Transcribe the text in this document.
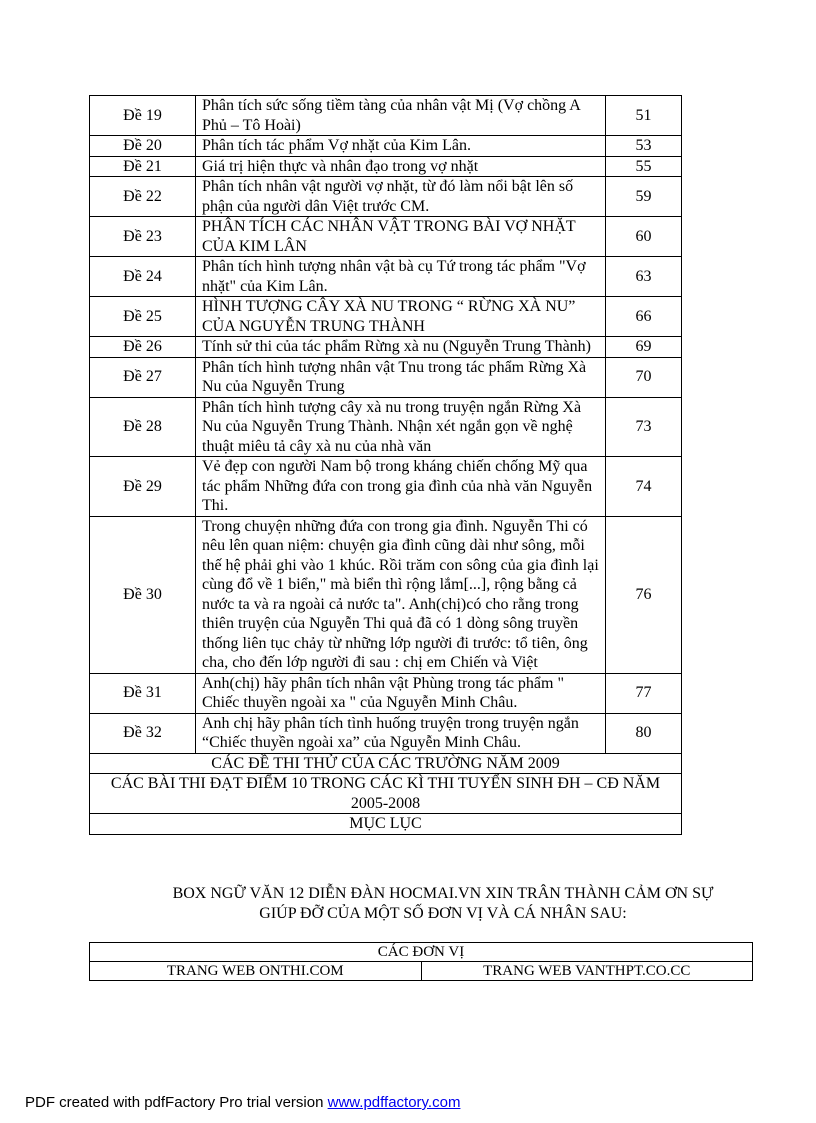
Đề 19	Phân tích sức sống tiềm tàng của nhân vật Mị (Vợ chồng A Phủ – Tô Hoài)	51
Đề 20	Phân tích tác phẩm Vợ nhặt của Kim Lân.	53
Đề 21	Giá trị hiện thực và nhân đạo trong vợ nhặt	55
Đề 22	Phân tích nhân vật người vợ nhặt, từ đó làm nổi bật lên số phận của người dân Việt trước CM.	59
Đề 23	PHÂN TÍCH CÁC NHÂN VẬT TRONG BÀI VỢ NHẶT CỦA KIM LÂN	60
Đề 24	Phân tích hình tượng nhân vật bà cụ Tứ trong tác phẩm "Vợ nhặt" của Kim Lân.	63
Đề 25	HÌNH TƯỢNG CÂY XÀ NU TRONG “ RỪNG XÀ NU” CỦA NGUYỄN TRUNG THÀNH	66
Đề 26	Tính sử thi của tác phẩm Rừng xà nu (Nguyễn Trung Thành)	69
Đề 27	Phân tích hình tượng nhân vật Tnu trong tác phẩm Rừng Xà Nu của Nguyễn Trung	70
Đề 28	Phân tích hình tượng cây xà nu trong truyện ngắn Rừng Xà Nu của Nguyễn Trung Thành. Nhận xét ngắn gọn về nghệ thuật miêu tả cây xà nu của nhà văn	73
Đề 29	Vẻ đẹp con người Nam bộ trong kháng chiến chống Mỹ qua tác phẩm Những đứa con trong gia đình của nhà văn Nguyễn Thi.	74
Đề 30	Trong chuyện những đứa con trong gia đình. Nguyễn Thi có nêu lên quan niệm: chuyện gia đình cũng dài như sông, mỗi thế hệ phải ghi vào 1 khúc. Rồi trăm con sông của gia đình lại cùng đổ về 1 biển," mà biển thì rộng lắm[...], rộng bằng cả nước ta và ra ngoài cả nước ta". Anh(chị)có cho rằng trong thiên truyện của Nguyễn Thi quả đã có 1 dòng sông truyền thống liên tục chảy từ những lớp người đi trước: tổ tiên, ông cha, cho đến lớp người đi sau : chị em Chiến và Việt	76
Đề 31	Anh(chị) hãy phân tích nhân vật Phùng trong tác phẩm " Chiếc thuyền ngoài xa " của Nguyễn Minh Châu.	77
Đề 32	Anh chị hãy phân tích tình huống truyện trong truyện ngắn “Chiếc thuyền ngoài xa” của Nguyễn Minh Châu.	80
CÁC ĐỀ THI THỬ CỦA CÁC TRƯỜNG NĂM 2009		
CÁC BÀI THI ĐẠT ĐIỂM 10 TRONG CÁC KÌ THI TUYỂN SINH ĐH – CĐ NĂM
2005-2008		
MỤC LỤC		
BOX NGỮ VĂN 12 DIỄN ĐÀN HOCMAI.VN XIN TRÂN THÀNH CẢM ƠN SỰ
GIÚP ĐỠ CỦA MỘT SỐ ĐƠN VỊ VÀ CÁ NHÂN SAU:
CÁC ĐƠN VỊ
TRANG WEB ONTHI.COM	TRANG WEB VANTHPT.CO.CC
PDF created with pdfFactory Pro trial version www.pdffactory.com
